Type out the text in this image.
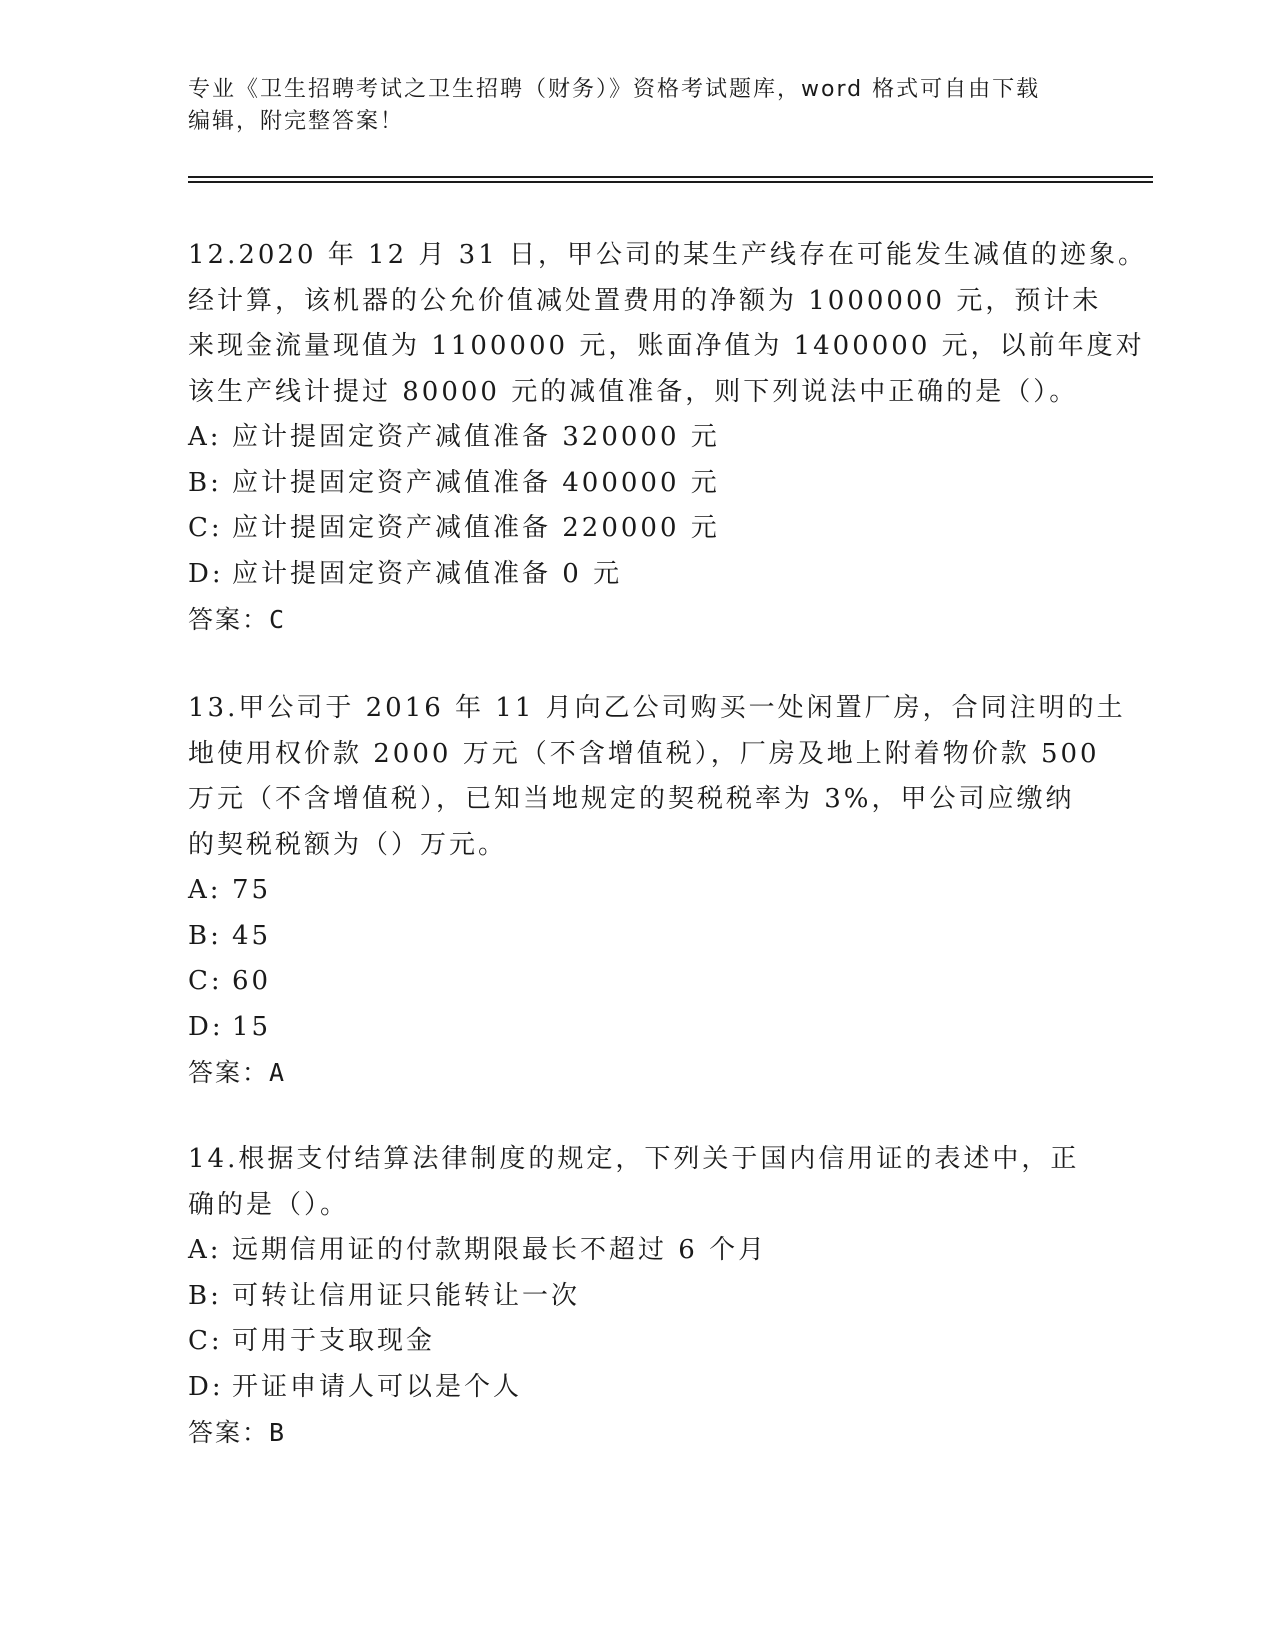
专业《卫生招聘考试之卫生招聘（财务）》资格考试题库，word 格式可自由下载
编辑，附完整答案！
12.2020 年 12 月 31 日，甲公司的某生产线存在可能发生减值的迹象。
经计算，该机器的公允价值减处置费用的净额为 1000000 元，预计未
来现金流量现值为 1100000 元，账面净值为 1400000 元，以前年度对
该生产线计提过 80000 元的减值准备，则下列说法中正确的是（）。
A: 应计提固定资产减值准备 320000 元
B: 应计提固定资产减值准备 400000 元
C: 应计提固定资产减值准备 220000 元
D: 应计提固定资产减值准备 0 元
答案：C
13.甲公司于 2016 年 11 月向乙公司购买一处闲置厂房，合同注明的土
地使用权价款 2000 万元（不含增值税），厂房及地上附着物价款 500
万元（不含增值税），已知当地规定的契税税率为 3%，甲公司应缴纳
的契税税额为（）万元。
A: 75
B: 45
C: 60
D: 15
答案：A
14.根据支付结算法律制度的规定，下列关于国内信用证的表述中，正
确的是（）。
A: 远期信用证的付款期限最长不超过 6 个月
B: 可转让信用证只能转让一次
C: 可用于支取现金
D: 开证申请人可以是个人
答案：B
